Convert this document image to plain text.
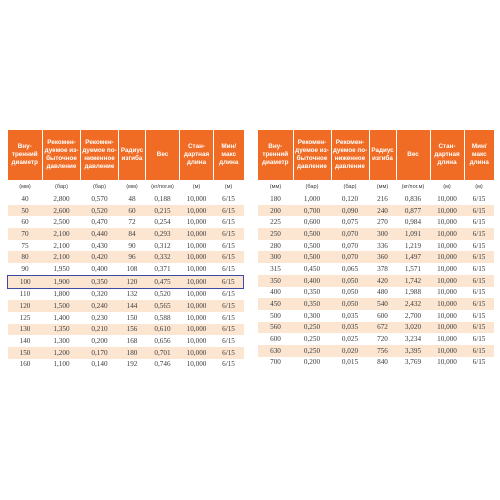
Вну-
тренний
диаметр	Рекомен-
дуемое из-
быточное
давление	Рекомен-
дуемое по-
ниженное
давление	Радиус
изгиба	Вес	Стан-
дартная
длина	Мин/
макс
длина
(мм)	(бар)	(бар)	(мм)	(кг/пог.м)	(м)	(м)
40	2,800	0,570	48	0,188	10,000	6/15
50	2,600	0,520	60	0,215	10,000	6/15
60	2,500	0,470	72	0,254	10,000	6/15
70	2,100	0,440	84	0,293	10,000	6/15
75	2,100	0,430	90	0,312	10,000	6/15
80	2,100	0,420	96	0,332	10,000	6/15
90	1,950	0,400	108	0,371	10,000	6/15
100	1,900	0,350	120	0,475	10,000	6/15
110	1,800	0,320	132	0,520	10,000	6/15
120	1,500	0,240	144	0,565	10,000	6/15
125	1,400	0,230	150	0,588	10,000	6/15
130	1,350	0,210	156	0,610	10,000	6/15
140	1,300	0,200	168	0,656	10,000	6/15
150	1,200	0,170	180	0,701	10,000	6/15
160	1,100	0,140	192	0,746	10,000	6/15
Вну-
тренний
диаметр	Рекомен-
дуемое из-
быточное
давление	Рекомен-
дуемое по-
ниженное
давление	Радиус
изгиба	Вес	Стан-
дартная
длина	Мин/
макс
длина
(мм)	(бар)	(бар)	(мм)	(кг/пог.м)	(м)	(м)
180	1,000	0,120	216	0,836	10,000	6/15
200	0,700	0,090	240	0,877	10,000	6/15
225	0,600	0,075	270	0,984	10,000	6/15
250	0,500	0,070	300	1,091	10,000	6/15
280	0,500	0,070	336	1,219	10,000	6/15
300	0,500	0,070	360	1,497	10,000	6/15
315	0,450	0,065	378	1,571	10,000	6/15
350	0,400	0,050	420	1,742	10,000	6/15
400	0,350	0,050	480	1,988	10,000	6/15
450	0,350	0,050	540	2,432	10,000	6/15
500	0,300	0,035	600	2,700	10,000	6/15
560	0,250	0,035	672	3,020	10,000	6/15
600	0,250	0,025	720	3,234	10,000	6/15
630	0,250	0,020	756	3,395	10,000	6/15
700	0,200	0,015	840	3,769	10,000	6/15
